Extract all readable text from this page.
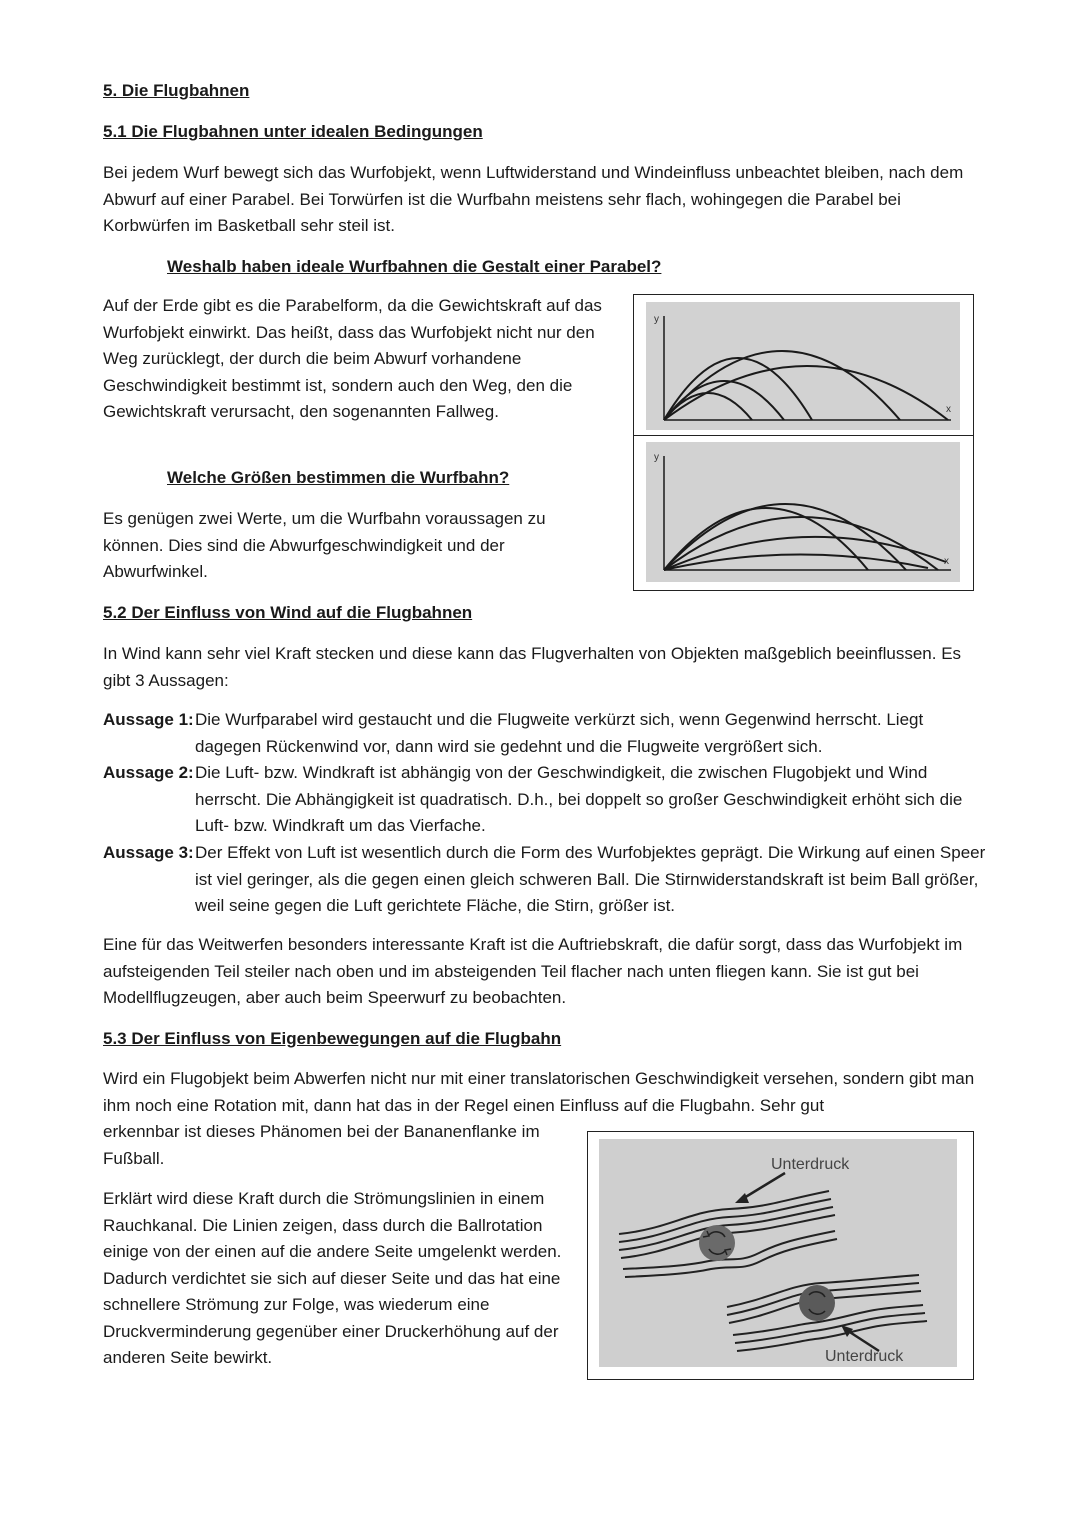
5. Die Flugbahnen
5.1 Die Flugbahnen unter idealen Bedingungen

Bei jedem Wurf bewegt sich das Wurfobjekt, wenn Luftwiderstand und Windeinfluss unbeachtet bleiben, nach dem Abwurf auf einer Parabel. Bei Torwürfen ist die Wurfbahn meistens sehr flach, wohingegen die Parabel bei Korbwürfen im Basketball sehr steil ist.

Weshalb haben ideale Wurfbahnen die Gestalt einer Parabel?

Auf der Erde gibt es die Parabelform, da die Gewichtskraft auf das Wurfobjekt einwirkt. Das heißt, dass das Wurfobjekt nicht nur den Weg zurücklegt, der durch die beim Abwurf vorhandene Geschwindigkeit bestimmt ist, sondern auch den Weg, den die Gewichtskraft verursacht, den sogenannten Fallweg.

Welche Größen bestimmen die Wurfbahn?

Es genügen zwei Werte, um die Wurfbahn voraussagen zu können. Dies sind die Abwurfgeschwindigkeit und der Abwurfwinkel.

y
x
y
x
5.2 Der Einfluss von Wind auf die Flugbahnen

In Wind kann sehr viel Kraft stecken und diese kann das Flugverhalten von Objekten maßgeblich beeinflussen. Es gibt 3 Aussagen:

Aussage 1: Die Wurfparabel wird gestaucht und die Flugweite verkürzt sich, wenn Gegenwind herrscht. Liegt dagegen Rückenwind vor, dann wird sie gedehnt und die Flugweite vergrößert sich.
Aussage 2: Die Luft- bzw. Windkraft ist abhängig von der Geschwindigkeit, die zwischen Flugobjekt und Wind herrscht. Die Abhängigkeit ist quadratisch. D.h., bei doppelt so großer Geschwindigkeit erhöht sich die Luft- bzw. Windkraft um das Vierfache.
Aussage 3: Der Effekt von Luft ist wesentlich durch die Form des Wurfobjektes geprägt. Die Wirkung auf einen Speer ist viel geringer, als die gegen einen gleich schweren Ball. Die Stirnwiderstandskraft ist beim Ball größer, weil seine gegen die Luft gerichtete Fläche, die Stirn, größer ist.

Eine für das Weitwerfen besonders interessante Kraft ist die Auftriebskraft, die dafür sorgt, dass das Wurfobjekt im aufsteigenden Teil steiler nach oben und im absteigenden Teil flacher nach unten fliegen kann. Sie ist gut bei Modellflugzeugen, aber auch beim Speerwurf zu beobachten.

5.3 Der Einfluss von Eigenbewegungen auf die Flugbahn

Wird ein Flugobjekt beim Abwerfen nicht nur mit einer translatorischen Geschwindigkeit versehen, sondern gibt man ihm noch eine Rotation mit, dann hat das in der Regel einen Einfluss auf die Flugbahn. Sehr gut

erkennbar ist dieses Phänomen bei der Bananenflanke im Fußball.

Erklärt wird diese Kraft durch die Strömungslinien in einem Rauchkanal. Die Linien zeigen, dass durch die Ballrotation einige von der einen auf die andere Seite umgelenkt werden. Dadurch verdichtet sie sich auf dieser Seite und das hat eine schnellere Strömung zur Folge, was wiederum eine Druckverminderung gegenüber einer Druckerhöhung auf der anderen Seite bewirkt.

Unterdruck
Unterdruck
